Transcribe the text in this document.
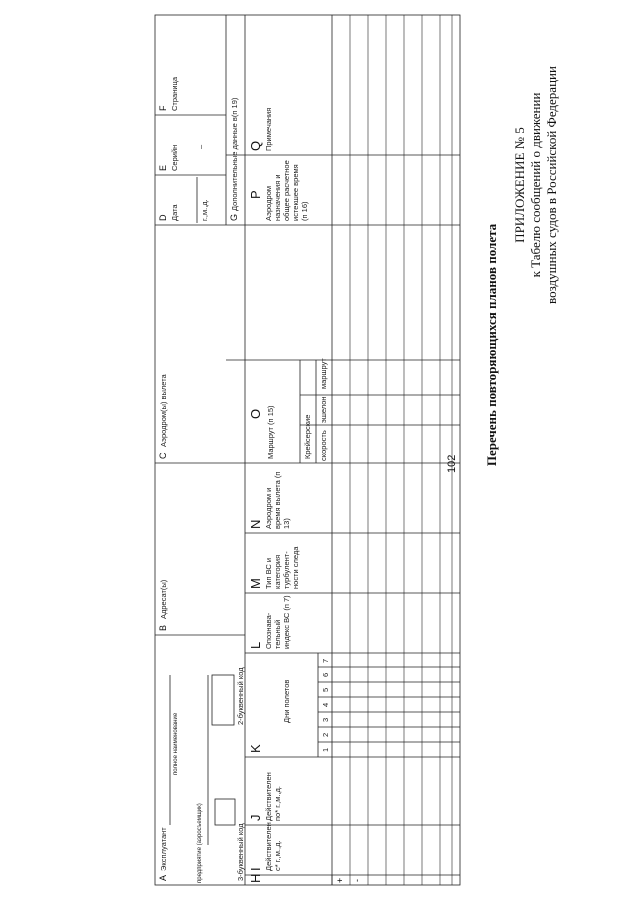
102
ПРИЛОЖЕНИЕ № 5 к Табелю сообщений о движении воздушных судов в Российской Федерации
Перечень повторяющихся планов полета
A
Эксплуатант
полное наименование
предприятие (аэросъемщик)	3-буквенный код
2-буквенный код
B
Адресат(ы)
C
Аэродром(ы) вылета
D Дата	г.,м.,д.
E Серийн –
F Страница
G
Дополнительные данные в(п 19)
H	+ -
I Действителен с* г.,м.,д.
J Действителен по* г.,м.,д.
K
Дни полетов
1
2
3
4
5
6
7
L Опознава-тельный индекс ВС (п 7)
M Тип ВС и категория турбулент-ности следа
N Аэродром и время вылета (п 13)
O Маршрут (п 15)	Крейсерские скорость
эшелон
маршрут
P Аэродром назначения и общее расчетное истекшее время (п 16)
Q Примечания
